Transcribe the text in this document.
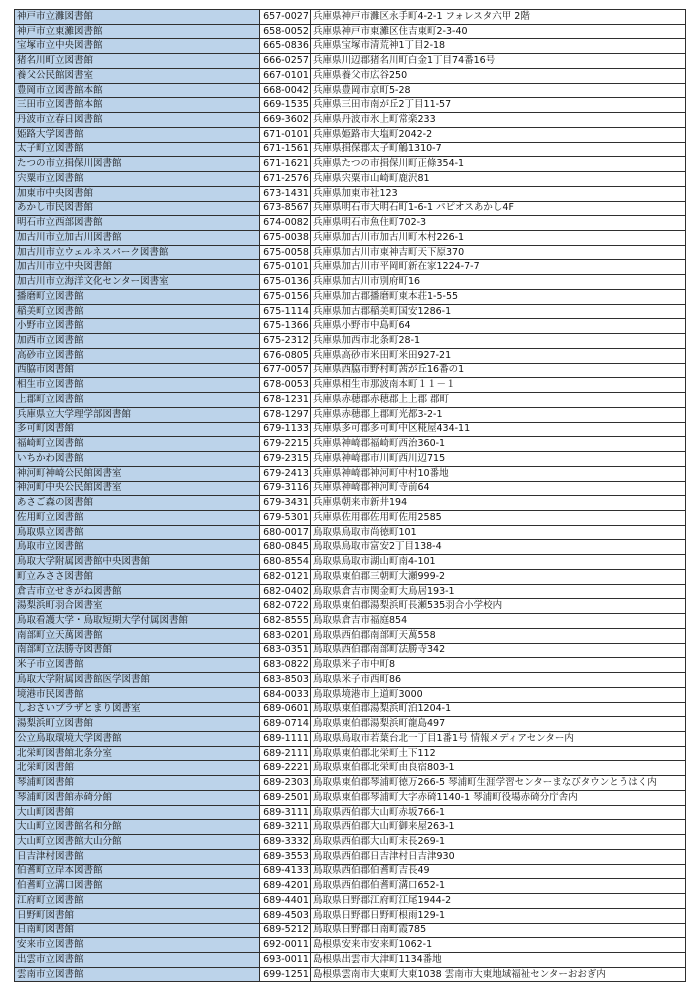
神戸市立灘図書館	657-0027	兵庫県神戸市灘区永手町4-2-1 フォレスタ六甲 2階
神戸市立東灘図書館	658-0052	兵庫県神戸市東灘区住吉東町2-3-40
宝塚市立中央図書館	665-0836	兵庫県宝塚市清荒神1丁目2-18
猪名川町立図書館	666-0257	兵庫県川辺郡猪名川町白金1丁目74番16号
養父公民館図書室	667-0101	兵庫県養父市広谷250
豊岡市立図書館本館	668-0042	兵庫県豊岡市京町5-28
三田市立図書館本館	669-1535	兵庫県三田市南が丘2丁目11-57
丹波市立春日図書館	669-3602	兵庫県丹波市氷上町常楽233
姫路大学図書館	671-0101	兵庫県姫路市大塩町2042-2
太子町立図書館	671-1561	兵庫県揖保郡太子町鵤1310-7
たつの市立揖保川図書館	671-1621	兵庫県たつの市揖保川町正條354-1
宍粟市立図書館	671-2576	兵庫県宍粟市山崎町鹿沢81
加東市中央図書館	673-1431	兵庫県加東市社123
あかし市民図書館	673-8567	兵庫県明石市大明石町1-6-1 パピオスあかし4F
明石市立西部図書館	674-0082	兵庫県明石市魚住町702-3
加古川市立加古川図書館	675-0038	兵庫県加古川市加古川町木村226-1
加古川市立ウェルネスパーク図書館	675-0058	兵庫県加古川市東神吉町天下原370
加古川市立中央図書館	675-0101	兵庫県加古川市平岡町新在家1224-7-7
加古川市立海洋文化センター図書室	675-0136	兵庫県加古川市別府町16
播磨町立図書館	675-0156	兵庫県加古郡播磨町東本荘1-5-55
稲美町立図書館	675-1114	兵庫県加古郡稲美町国安1286-1
小野市立図書館	675-1366	兵庫県小野市中島町64
加西市立図書館	675-2312	兵庫県加西市北条町28-1
高砂市立図書館	676-0805	兵庫県高砂市米田町米田927-21
西脇市図書館	677-0057	兵庫県西脇市野村町茜が丘16番の1
相生市立図書館	678-0053	兵庫県相生市那波南本町１１－１
上郡町立図書館	678-1231	兵庫県赤穂郡赤穂郡上上郡 郡町
兵庫県立大学理学部図書館	678-1297	兵庫県赤穂郡上郡町光都3-2-1
多可町図書館	679-1133	兵庫県多可郡多可町中区糀屋434-11
福崎町立図書館	679-2215	兵庫県神崎郡福崎町西治360-1
いちかわ図書館	679-2315	兵庫県神崎郡市川町西川辺715
神河町神崎公民館図書室	679-2413	兵庫県神崎郡神河町中村10番地
神河町中央公民館図書室	679-3116	兵庫県神崎郡神河町寺前64
あさご森の図書館	679-3431	兵庫県朝来市新井194
佐用町立図書館	679-5301	兵庫県佐用郡佐用町佐用2585
鳥取県立図書館	680-0017	鳥取県鳥取市尚徳町101
鳥取市立図書館	680-0845	鳥取県鳥取市富安2丁目138-4
鳥取大学附属図書館中央図書館	680-8554	鳥取県鳥取市湖山町南4-101
町立みささ図書館	682-0121	鳥取県東伯郡三朝町大瀬999-2
倉吉市立せきがね図書館	682-0402	鳥取県倉吉市関金町大鳥居193-1
湯梨浜町羽合図書室	682-0722	鳥取県東伯郡湯梨浜町長瀬535羽合小学校内
鳥取看護大学・鳥取短期大学付属図書館	682-8555	鳥取県倉吉市福庭854
南部町立天萬図書館	683-0201	鳥取県西伯郡南部町天萬558
南部町立法勝寺図書館	683-0351	鳥取県西伯郡南部町法勝寺342
米子市立図書館	683-0822	鳥取県米子市中町8
鳥取大学附属図書館医学図書館	683-8503	鳥取県米子市西町86
境港市民図書館	684-0033	鳥取県境港市上道町3000
しおさいプラザとまり図書室	689-0601	鳥取県東伯郡湯梨浜町泊1204-1
湯梨浜町立図書館	689-0714	鳥取県東伯郡湯梨浜町龍島497
公立鳥取環境大学図書館	689-1111	鳥取県鳥取市若葉台北一丁目1番1号 情報メディアセンター内
北栄町図書館北条分室	689-2111	鳥取県東伯郡北栄町土下112
北栄町図書館	689-2221	鳥取県東伯郡北栄町由良宿803-1
琴浦町図書館	689-2303	鳥取県東伯郡琴浦町徳万266-5 琴浦町生涯学習センターまなびタウンとうはく内
琴浦町図書館赤碕分館	689-2501	鳥取県東伯郡琴浦町大字赤碕1140-1 琴浦町役場赤碕分庁舎内
大山町図書館	689-3111	鳥取県西伯郡大山町赤坂766-1
大山町立図書館名和分館	689-3211	鳥取県西伯郡大山町御来屋263-1
大山町立図書館大山分館	689-3332	鳥取県西伯郡大山町末長269-1
日吉津村図書館	689-3553	鳥取県西伯郡日吉津村日吉津930
伯耆町立岸本図書館	689-4133	鳥取県西伯郡伯耆町吉長49
伯耆町立溝口図書館	689-4201	鳥取県西伯郡伯耆町溝口652-1
江府町立図書館	689-4401	鳥取県日野郡江府町江尾1944-2
日野町図書館	689-4503	鳥取県日野郡日野町根雨129-1
日南町図書館	689-5212	鳥取県日野郡日南町霞785
安来市立図書館	692-0011	島根県安来市安来町1062-1
出雲市立図書館	693-0011	島根県出雲市大津町1134番地
雲南市立図書館	699-1251	島根県雲南市大東町大東1038 雲南市大東地域福祉センターおおぎ内
